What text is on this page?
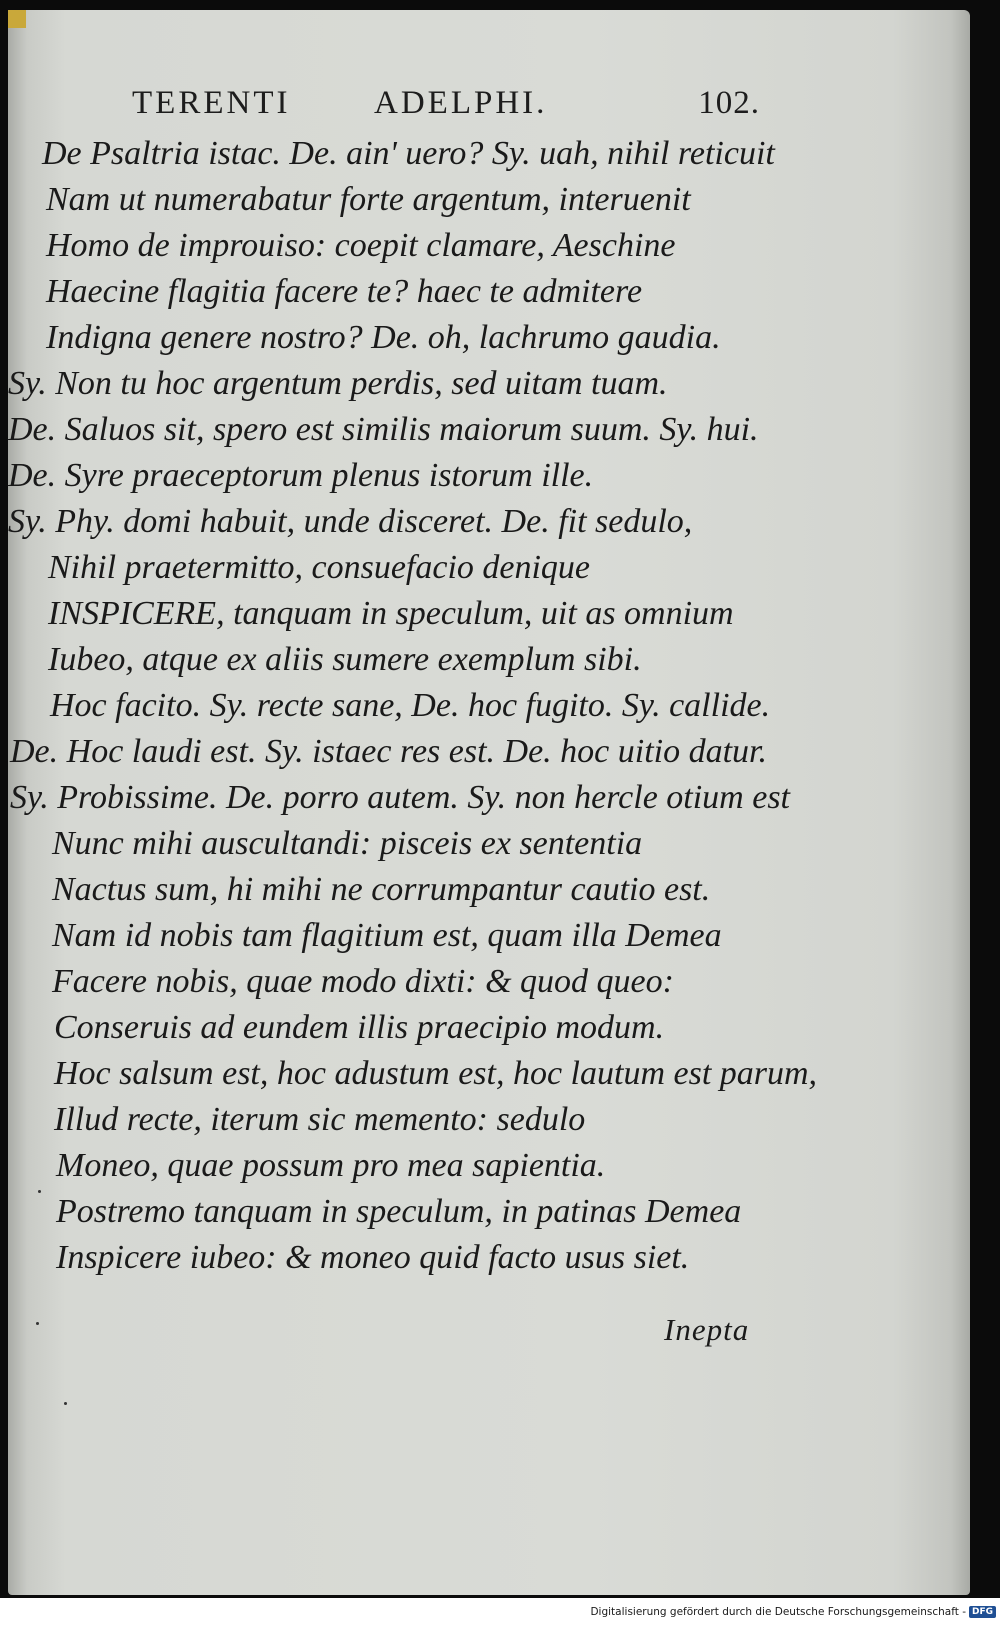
TERENTI	ADELPHI.	102.
De Psaltria istac. De. ain' uero? Sy. uah, nihil reticuit
Nam ut numerabatur forte argentum, interuenit
Homo de improuiso: coepit clamare, Aeschine
Haecine flagitia facere te? haec te admitere
Indigna genere nostro? De. oh, lachrumo gaudia.
Sy. Non tu hoc argentum perdis, sed uitam tuam.
De. Saluos sit, spero est similis maiorum suum. Sy. hui.
De. Syre praeceptorum plenus istorum ille.
Sy. Phy. domi habuit, unde disceret. De. fit sedulo,
Nihil praetermitto, consuefacio denique
INSPICERE, tanquam in speculum, uit as omnium
Iubeo, atque ex aliis sumere exemplum sibi.
Hoc facito. Sy. recte sane, De. hoc fugito. Sy. callide.
De. Hoc laudi est. Sy. istaec res est. De. hoc uitio datur.
Sy. Probissime. De. porro autem. Sy. non hercle otium est
Nunc mihi auscultandi: pisceis ex sententia
Nactus sum, hi mihi ne corrumpantur cautio est.
Nam id nobis tam flagitium est, quam illa Demea
Facere nobis, quae modo dixti: & quod queo:
Conseruis ad eundem illis praecipio modum.
Hoc salsum est, hoc adustum est, hoc lautum est parum,
Illud recte, iterum sic memento: sedulo
Moneo, quae possum pro mea sapientia.
Postremo tanquam in speculum, in patinas Demea
Inspicere iubeo: & moneo quid facto usus siet.
Inepta
Digitalisierung gefördert durch die Deutsche Forschungsgemeinschaft - DFG
